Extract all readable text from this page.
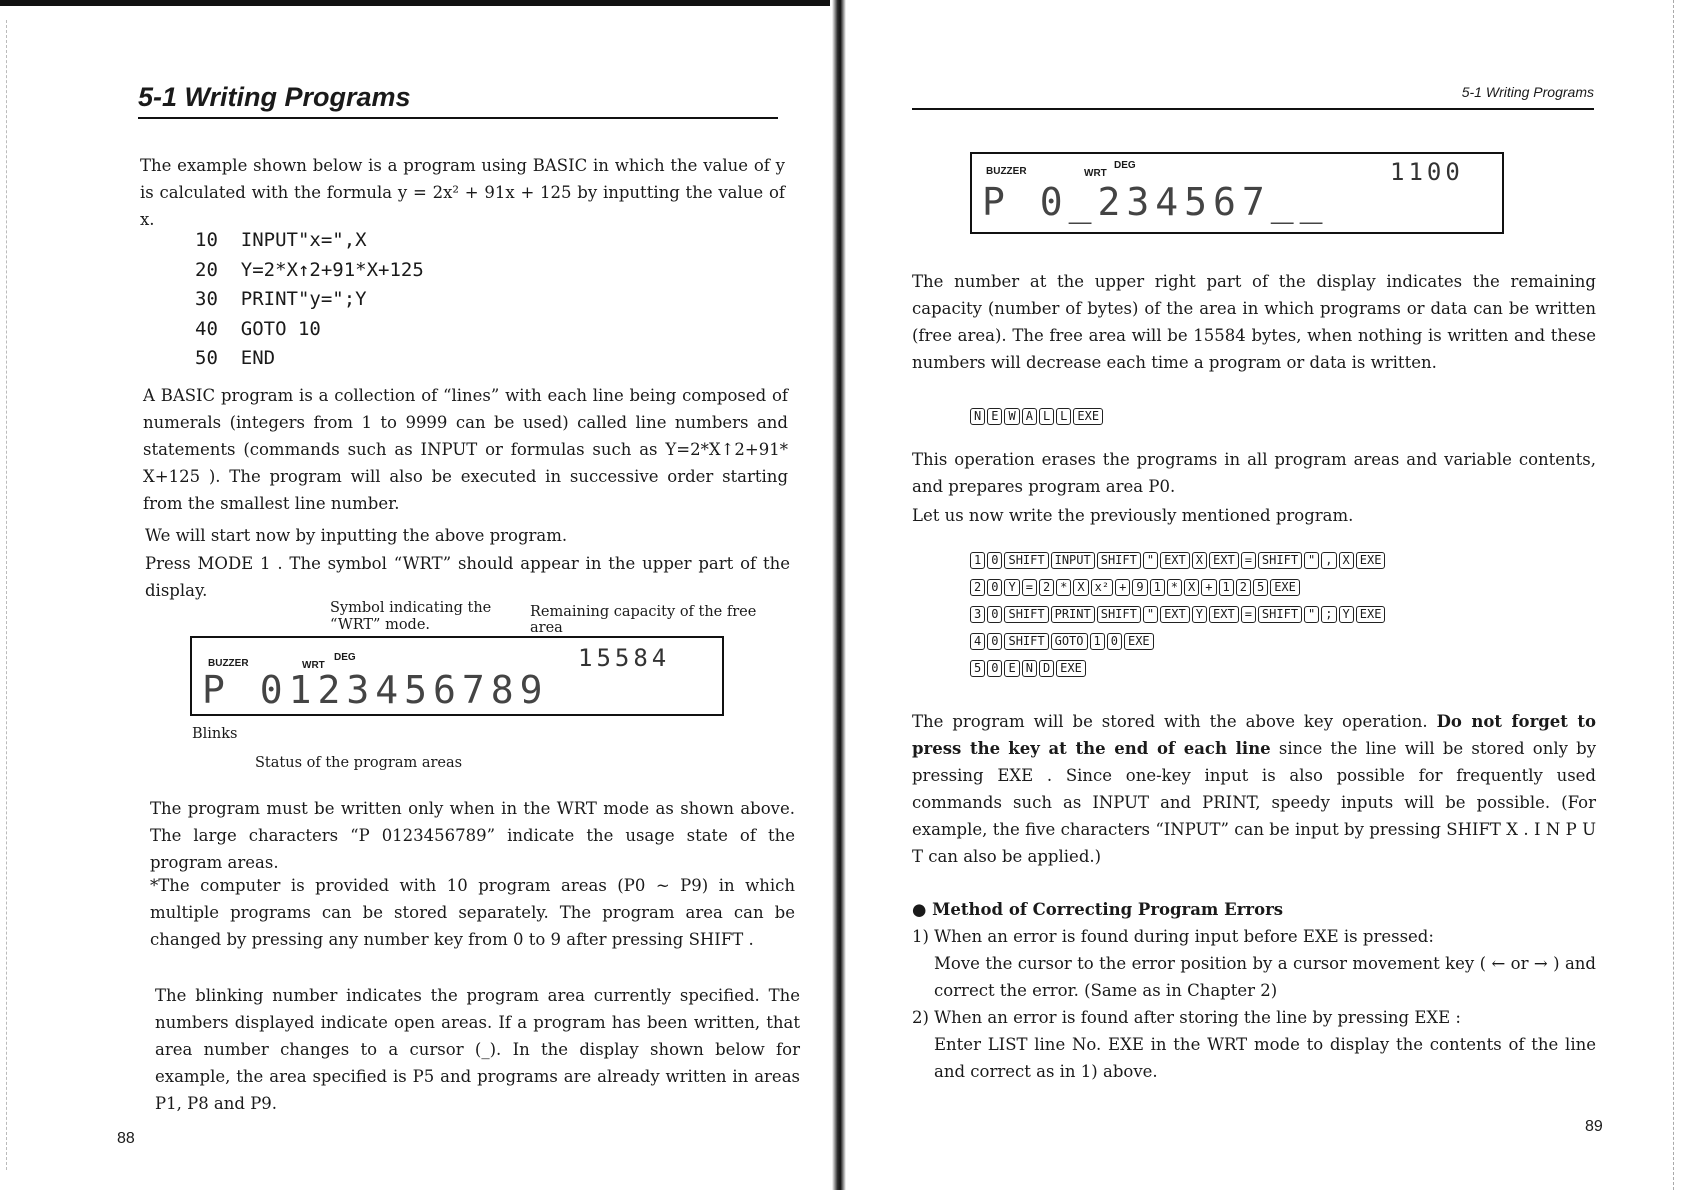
5-1 Writing Programs
The example shown below is a program using BASIC in which the value of y is calculated with the formula y = 2x² + 91x + 125 by inputting the value of x.
10  INPUT"x=",X
20  Y=2*X↑2+91*X+125
30  PRINT"y=";Y
40  GOTO 10
50  END
A BASIC program is a collection of “lines” with each line being composed of numerals (integers from 1 to 9999 can be used) called line numbers and statements (commands such as INPUT or formulas such as Y=2*X↑2+91* X+125 ). The program will also be executed in successive order starting from the smallest line number.
We will start now by inputting the above program.
Press MODE 1 . The symbol “WRT” should appear in the upper part of the display.
Symbol indicating the “WRT” mode.
Remaining capacity of the free area
BUZZER	WRT
DEG	15584
P 0123456789
Blinks
Status of the program areas
The program must be written only when in the WRT mode as shown above. The large characters “P 0123456789” indicate the usage state of the program areas.
*The computer is provided with 10 program areas (P0 ~ P9) in which multiple programs can be stored separately. The program area can be changed by pressing any number key from 0 to 9 after pressing SHIFT .
The blinking number indicates the program area currently specified. The numbers displayed indicate open areas. If a program has been written, that area number changes to a cursor (_). In the display shown below for example, the area specified is P5 and programs are already written in areas P1, P8 and P9.
88
5-1 Writing Programs
BUZZER	WRT
DEG	1100
P 0_234567__
The number at the upper right part of the display indicates the remaining capacity (number of bytes) of the area in which programs or data can be written (free area). The free area will be 15584 bytes, when nothing is written and these numbers will decrease each time a program or data is written.
N E W A L L EXE
This operation erases the programs in all program areas and variable contents, and prepares program area P0.
Let us now write the previously mentioned program.
1 0 SHIFT INPUT SHIFT " EXT X EXT = SHIFT " , X EXE
2 0 Y = 2 * X x² + 9 1 * X + 1 2 5 EXE
3 0 SHIFT PRINT SHIFT " EXT Y EXT = SHIFT " ; Y EXE
4 0 SHIFT GOTO 1 0 EXE
5 0 E N D EXE
The program will be stored with the above key operation. Do not forget to press the key at the end of each line since the line will be stored only by pressing EXE . Since one-key input is also possible for frequently used commands such as INPUT and PRINT, speedy inputs will be possible. (For example, the five characters “INPUT” can be input by pressing SHIFT X . I N P U T can also be applied.)
● Method of Correcting Program Errors
1) When an error is found during input before EXE is pressed:
Move the cursor to the error position by a cursor movement key ( ← or → ) and correct the error. (Same as in Chapter 2)
2) When an error is found after storing the line by pressing EXE :
Enter LIST line No. EXE in the WRT mode to display the contents of the line and correct as in 1) above.
89
